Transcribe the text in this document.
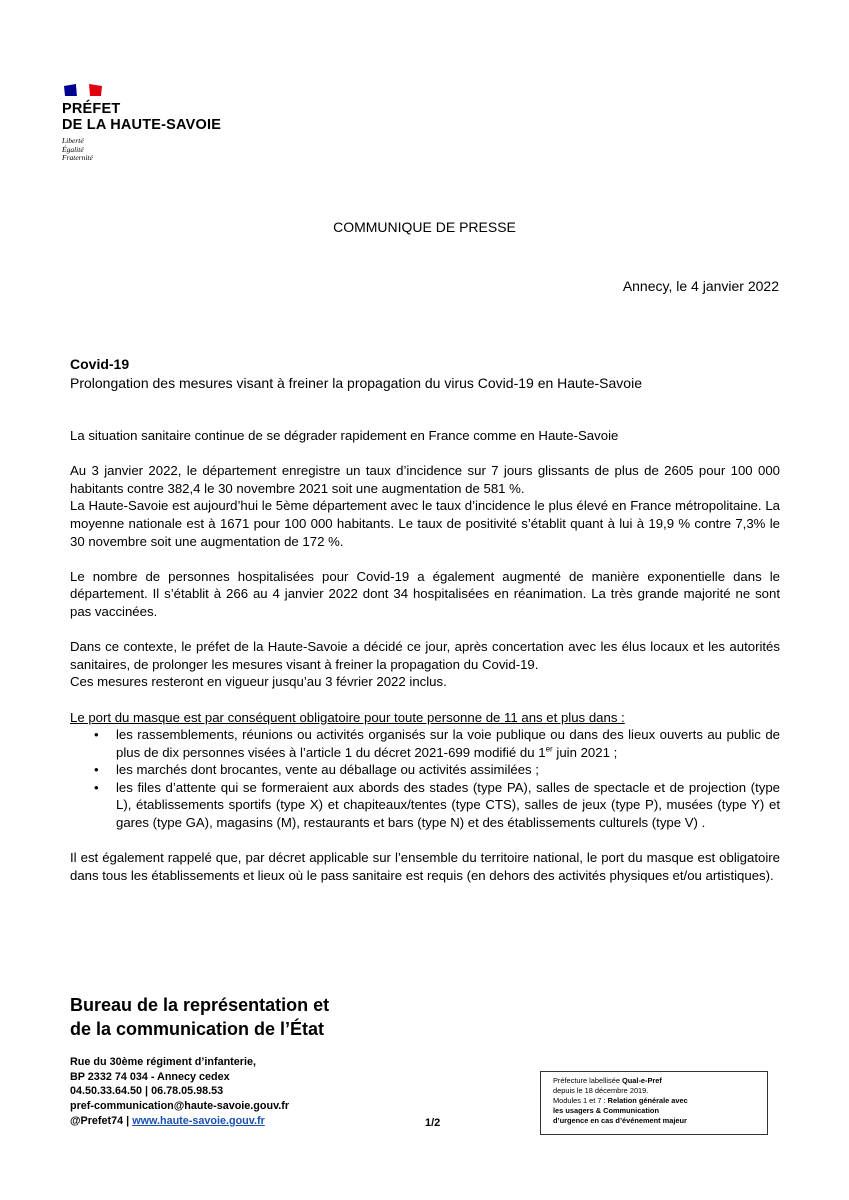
PRÉFET
DE LA HAUTE-SAVOIE
Liberté
Égalité
Fraternité
COMMUNIQUE DE PRESSE
Annecy, le 4 janvier 2022
Covid-19
Prolongation des mesures visant à freiner la propagation du virus Covid-19 en Haute-Savoie

La situation sanitaire continue de se dégrader rapidement en France comme en Haute-Savoie

Au 3 janvier 2022, le département enregistre un taux d’incidence sur 7 jours glissants de plus de 2605 pour 100 000 habitants contre 382,4 le 30 novembre 2021 soit une augmentation de 581 %.

La Haute-Savoie est aujourd’hui le 5ème département avec le taux d’incidence le plus élevé en France métropolitaine. La moyenne nationale est à 1671 pour 100 000 habitants. Le taux de positivité s’établit quant à lui à 19,9 % contre 7,3% le 30 novembre soit une augmentation de 172 %.

Le nombre de personnes hospitalisées pour Covid-19 a également augmenté de manière exponentielle dans le département. Il s’établit à 266 au 4 janvier 2022 dont 34 hospitalisées en réanimation. La très grande majorité ne sont pas vaccinées.

Dans ce contexte, le préfet de la Haute-Savoie a décidé ce jour, après concertation avec les élus locaux et les autorités sanitaires, de prolonger les mesures visant à freiner la propagation du Covid-19.

Ces mesures resteront en vigueur jusqu’au 3 février 2022 inclus.

Le port du masque est par conséquent obligatoire pour toute personne de 11 ans et plus dans :

• les rassemblements, réunions ou activités organisés sur la voie publique ou dans des lieux ouverts au public de plus de dix personnes visées à l’article 1 du décret 2021-699 modifié du 1er juin 2021 ;
• les marchés dont brocantes, vente au déballage ou activités assimilées ;
• les files d’attente qui se formeraient aux abords des stades (type PA), salles de spectacle et de projection (type L), établissements sportifs (type X) et chapiteaux/tentes (type CTS), salles de jeux (type P), musées (type Y) et gares (type GA), magasins (M), restaurants et bars (type N) et des établissements culturels (type V) .

Il est également rappelé que, par décret applicable sur l’ensemble du territoire national, le port du masque est obligatoire dans tous les établissements et lieux où le pass sanitaire est requis (en dehors des activités physiques et/ou artistiques).

Bureau de la représentation et
de la communication de l’État
Rue du 30ème régiment d’infanterie,
BP 2332 74 034 - Annecy cedex
04.50.33.64.50 | 06.78.05.98.53
pref-communication@haute-savoie.gouv.fr
@Prefet74 | www.haute-savoie.gouv.fr	1/2
Préfecture labellisée Qual-e-Pref
depuis le 18 décembre 2019.
Modules 1 et 7 : Relation générale avec
les usagers & Communication
d’urgence en cas d’événement majeur
